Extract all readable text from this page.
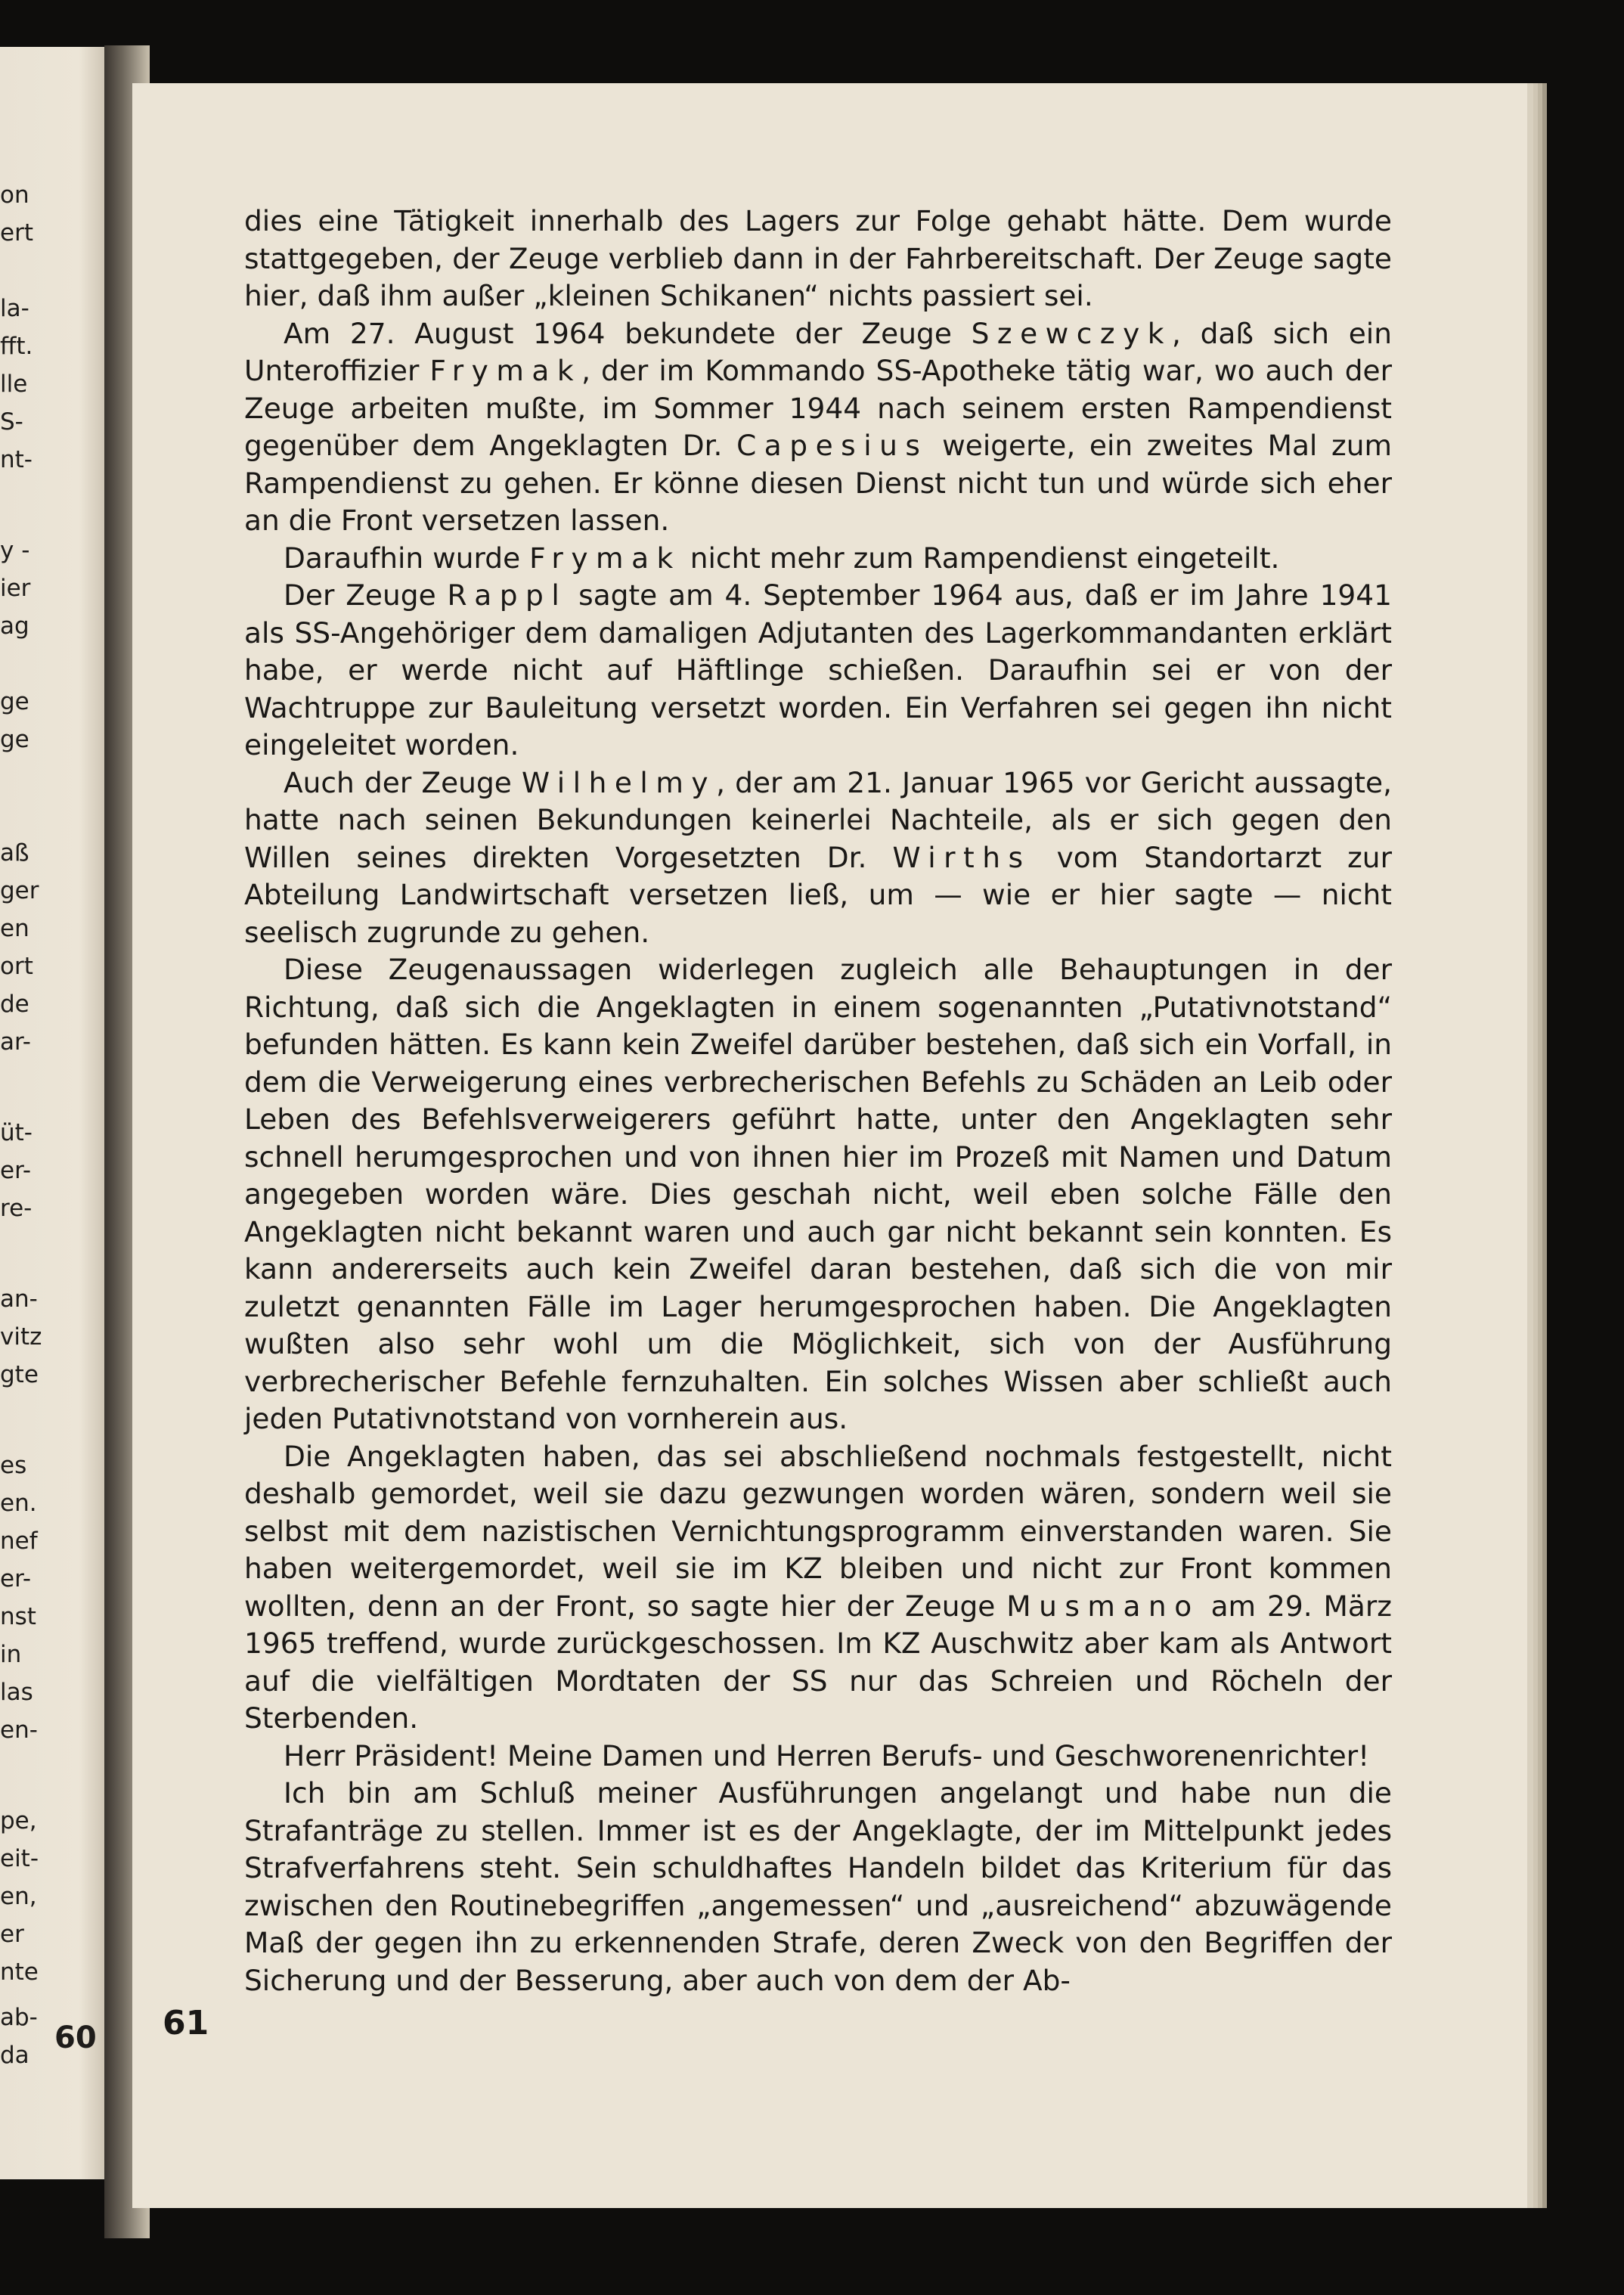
on
ert
la-
fft.
lle
S-
nt-
y -
ier
ag
ge
ge
aß
ger
en
ort
de
ar-
üt-
er-
re-
an-
vitz
gte
es
en.
nef
er-
nst
in
las
en-
pe,
eit-
en,
er
nte
ab-
da 60

dies eine Tätigkeit innerhalb des Lagers zur Folge gehabt hätte. Dem wurde stattgegeben, der Zeuge verblieb dann in der Fahrbereitschaft. Der Zeuge sagte hier, daß ihm außer „kleinen Schikanen“ nichts passiert sei.

Am 27. August 1964 bekundete der Zeuge Szewczyk, daß sich ein Unteroffizier Frymak, der im Kommando SS-Apotheke tätig war, wo auch der Zeuge arbeiten mußte, im Sommer 1944 nach seinem ersten Rampendienst gegenüber dem Angeklagten Dr. Capesius weigerte, ein zweites Mal zum Rampendienst zu gehen. Er könne diesen Dienst nicht tun und würde sich eher an die Front versetzen lassen.

Daraufhin wurde Frymak nicht mehr zum Rampendienst eingeteilt.

Der Zeuge Rappl sagte am 4. September 1964 aus, daß er im Jahre 1941 als SS-Angehöriger dem damaligen Adjutanten des Lagerkommandanten erklärt habe, er werde nicht auf Häftlinge schießen. Daraufhin sei er von der Wachtruppe zur Bauleitung versetzt worden. Ein Verfahren sei gegen ihn nicht eingeleitet worden.

Auch der Zeuge Wilhelmy, der am 21. Januar 1965 vor Gericht aussagte, hatte nach seinen Bekundungen keinerlei Nachteile, als er sich gegen den Willen seines direkten Vorgesetzten Dr. Wirths vom Standortarzt zur Abteilung Landwirtschaft versetzen ließ, um — wie er hier sagte — nicht seelisch zugrunde zu gehen.

Diese Zeugenaussagen widerlegen zugleich alle Behauptungen in der Richtung, daß sich die Angeklagten in einem sogenannten „Putativnotstand“ befunden hätten. Es kann kein Zweifel darüber bestehen, daß sich ein Vorfall, in dem die Verweigerung eines verbrecherischen Befehls zu Schäden an Leib oder Leben des Befehlsverweigerers geführt hatte, unter den Angeklagten sehr schnell herumgesprochen und von ihnen hier im Prozeß mit Namen und Datum angegeben worden wäre. Dies geschah nicht, weil eben solche Fälle den Angeklagten nicht bekannt waren und auch gar nicht bekannt sein konnten. Es kann andererseits auch kein Zweifel daran bestehen, daß sich die von mir zuletzt genannten Fälle im Lager herumgesprochen haben. Die Angeklagten wußten also sehr wohl um die Möglichkeit, sich von der Ausführung verbrecherischer Befehle fernzuhalten. Ein solches Wissen aber schließt auch jeden Putativnotstand von vornherein aus.

Die Angeklagten haben, das sei abschließend nochmals festgestellt, nicht deshalb gemordet, weil sie dazu gezwungen worden wären, sondern weil sie selbst mit dem nazistischen Vernichtungsprogramm einverstanden waren. Sie haben weitergemordet, weil sie im KZ bleiben und nicht zur Front kommen wollten, denn an der Front, so sagte hier der Zeuge Musmano am 29. März 1965 treffend, wurde zurückgeschossen. Im KZ Auschwitz aber kam als Antwort auf die vielfältigen Mordtaten der SS nur das Schreien und Röcheln der Sterbenden.

Herr Präsident! Meine Damen und Herren Berufs- und Geschworenenrichter!

Ich bin am Schluß meiner Ausführungen angelangt und habe nun die Strafanträge zu stellen. Immer ist es der Angeklagte, der im Mittelpunkt jedes Strafverfahrens steht. Sein schuldhaftes Handeln bildet das Kriterium für das zwischen den Routinebegriffen „angemessen“ und „ausreichend“ abzuwägende Maß der gegen ihn zu erkennenden Strafe, deren Zweck von den Begriffen der Sicherung und der Besserung, aber auch von dem der Ab-

61
